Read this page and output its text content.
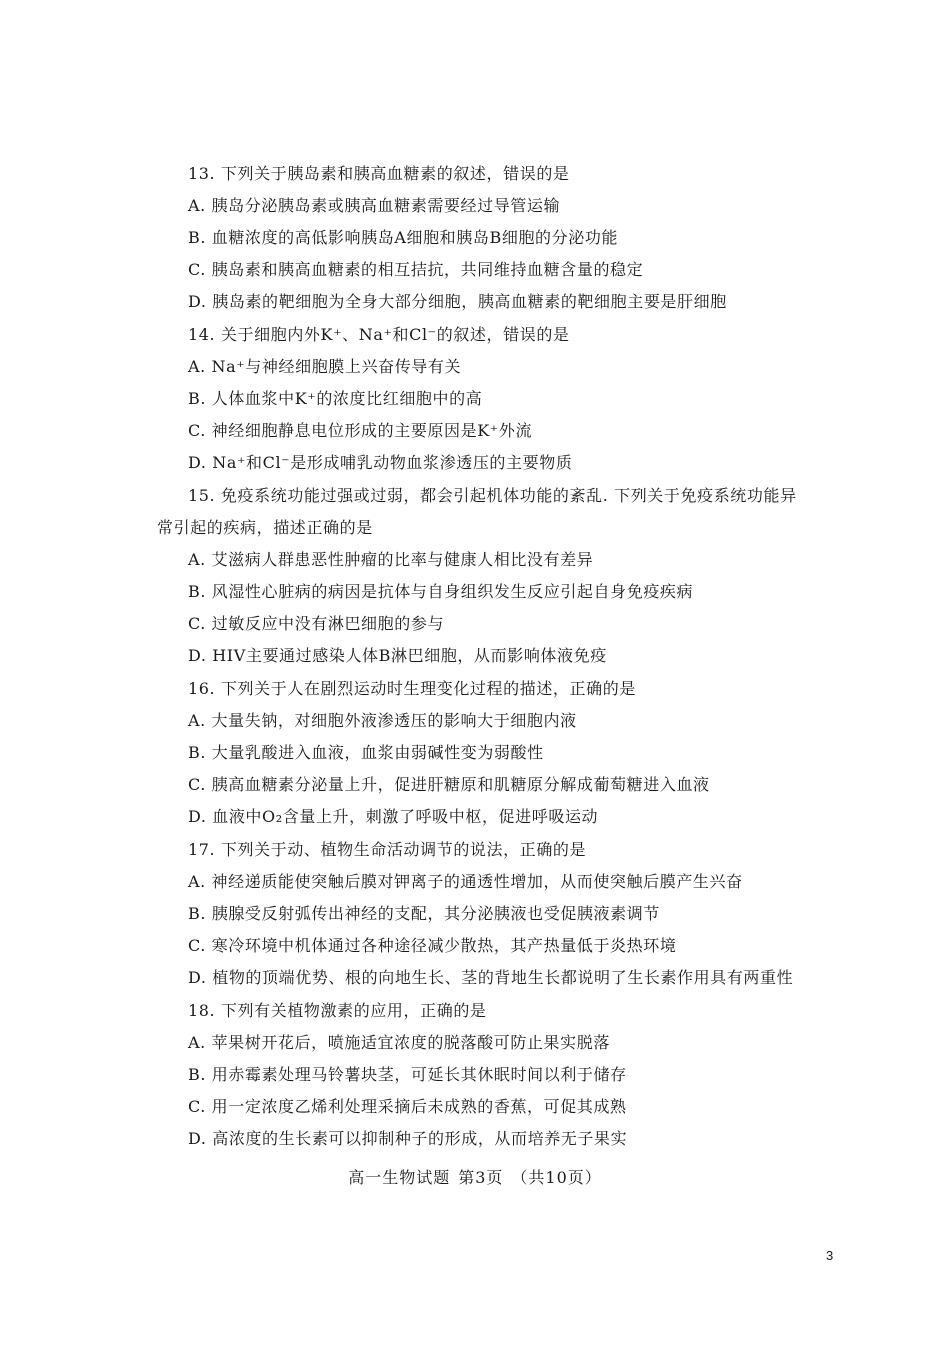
13. 下列关于胰岛素和胰高血糖素的叙述，错误的是
A. 胰岛分泌胰岛素或胰高血糖素需要经过导管运输
B. 血糖浓度的高低影响胰岛A细胞和胰岛B细胞的分泌功能
C. 胰岛素和胰高血糖素的相互拮抗，共同维持血糖含量的稳定
D. 胰岛素的靶细胞为全身大部分细胞，胰高血糖素的靶细胞主要是肝细胞
14. 关于细胞内外K⁺、Na⁺和Cl⁻的叙述，错误的是
A. Na⁺与神经细胞膜上兴奋传导有关
B. 人体血浆中K⁺的浓度比红细胞中的高
C. 神经细胞静息电位形成的主要原因是K⁺外流
D. Na⁺和Cl⁻是形成哺乳动物血浆渗透压的主要物质
15. 免疫系统功能过强或过弱，都会引起机体功能的紊乱. 下列关于免疫系统功能异
常引起的疾病，描述正确的是
A. 艾滋病人群患恶性肿瘤的比率与健康人相比没有差异
B. 风湿性心脏病的病因是抗体与自身组织发生反应引起自身免疫疾病
C. 过敏反应中没有淋巴细胞的参与
D. HIV主要通过感染人体B淋巴细胞，从而影响体液免疫
16. 下列关于人在剧烈运动时生理变化过程的描述，正确的是
A. 大量失钠，对细胞外液渗透压的影响大于细胞内液
B. 大量乳酸进入血液，血浆由弱碱性变为弱酸性
C. 胰高血糖素分泌量上升，促进肝糖原和肌糖原分解成葡萄糖进入血液
D. 血液中O₂含量上升，刺激了呼吸中枢，促进呼吸运动
17. 下列关于动、植物生命活动调节的说法，正确的是
A. 神经递质能使突触后膜对钾离子的通透性增加，从而使突触后膜产生兴奋
B. 胰腺受反射弧传出神经的支配，其分泌胰液也受促胰液素调节
C. 寒冷环境中机体通过各种途径减少散热，其产热量低于炎热环境
D. 植物的顶端优势、根的向地生长、茎的背地生长都说明了生长素作用具有两重性
18. 下列有关植物激素的应用，正确的是
A. 苹果树开花后，喷施适宜浓度的脱落酸可防止果实脱落
B. 用赤霉素处理马铃薯块茎，可延长其休眠时间以利于储存
C. 用一定浓度乙烯利处理采摘后未成熟的香蕉，可促其成熟
D. 高浓度的生长素可以抑制种子的形成，从而培养无子果实
高一生物试题 第3页 （共10页）
3
